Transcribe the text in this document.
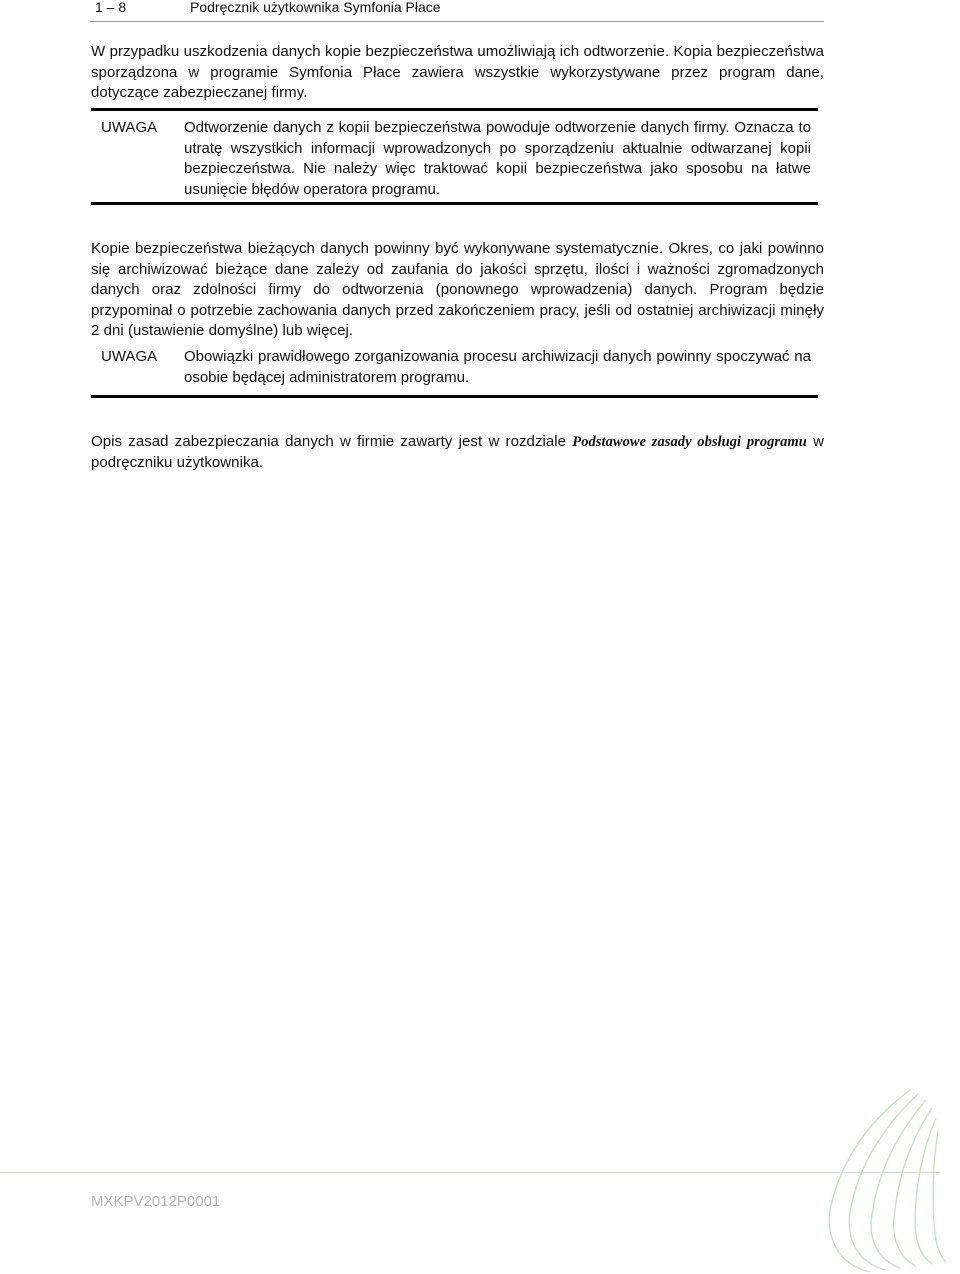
1 – 8	Podręcznik użytkownika Symfonia Płace

W przypadku uszkodzenia danych kopie bezpieczeństwa umożliwiają ich odtworzenie. Kopia bezpieczeństwa sporządzona w programie Symfonia Płace zawiera wszystkie wykorzystywane przez program dane, dotyczące zabezpieczanej firmy.

UWAGA Odtworzenie danych z kopii bezpieczeństwa powoduje odtworzenie danych firmy. Oznacza to utratę wszystkich informacji wprowadzonych po sporządzeniu aktualnie odtwarzanej kopii bezpieczeństwa. Nie należy więc traktować kopii bezpieczeństwa jako sposobu na łatwe usunięcie błędów operatora programu.

Kopie bezpieczeństwa bieżących danych powinny być wykonywane systematycznie. Okres, co jaki powinno się archiwizować bieżące dane zależy od zaufania do jakości sprzętu, ilości i ważności zgromadzonych danych oraz zdolności firmy do odtworzenia (ponownego wprowadzenia) danych. Program będzie przypominał o potrzebie zachowania danych przed zakończeniem pracy, jeśli od ostatniej archiwizacji minęły 2 dni (ustawienie domyślne) lub więcej.

UWAGA Obowiązki prawidłowego zorganizowania procesu archiwizacji danych powinny spoczywać na osobie będącej administratorem programu.

Opis zasad zabezpieczania danych w firmie zawarty jest w rozdziale Podstawowe zasady obsługi programu w podręczniku użytkownika.

MXKPV2012P0001
